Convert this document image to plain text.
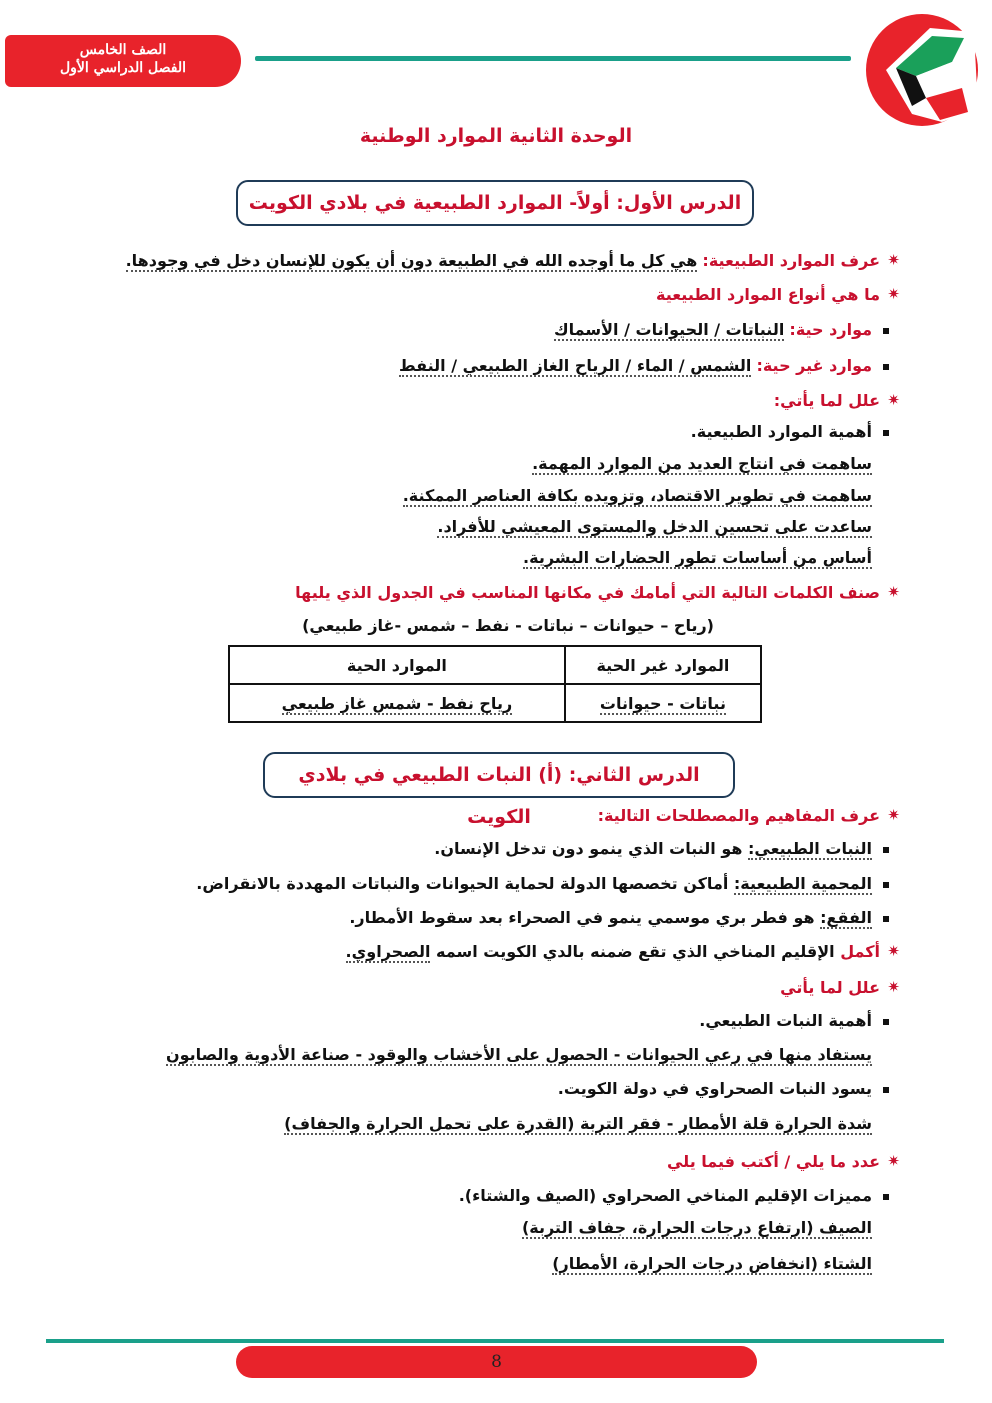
الصف الخامس
الفصل الدراسي الأول
الوحدة الثانية الموارد الوطنية
الدرس الأول: أولاً- الموارد الطبيعية في بلادي الكويت
✷
عرف الموارد الطبيعية: هي كل ما أوجده الله في الطبيعة دون أن يكون للإنسان دخل في وجودها.
✷
ما هي أنواع الموارد الطبيعية
موارد حية: النباتات / الحيوانات / الأسماك
موارد غير حية: الشمس / الماء / الرياح الغاز الطبيعي / النفط
✷
علل لما يأتي:
أهمية الموارد الطبيعية.
ساهمت في انتاج العديد من الموارد المهمة.
ساهمت في تطوير الاقتصاد، وتزويده بكافة العناصر الممكنة.
ساعدت على تحسين الدخل والمستوى المعيشي للأفراد.
أساس من أساسات تطور الحضارات البشرية.
✷
صنف الكلمات التالية التي أمامك في مكانها المناسب في الجدول الذي يليها
(رياح – حيوانات – نباتات - نفط – شمس -غاز طبيعي)
الموارد غير الحية	الموارد الحية
نباتات - حيوانات	رياح نفط - شمس غاز طبيعي
الدرس الثاني: (أ) النبات الطبيعي في بلادي الكويت	✷
عرف المفاهيم والمصطلحات التالية:
النبات الطبيعي: هو النبات الذي ينمو دون تدخل الإنسان.
المحمية الطبيعية: أماكن تخصصها الدولة لحماية الحيوانات والنباتات المهددة بالانقراض.
الفقع: هو فطر بري موسمي ينمو في الصحراء بعد سقوط الأمطار.
✷
أكمل الإقليم المناخي الذي تقع ضمنه بالدي الكويت اسمه الصحراوي.
✷
علل لما يأتي
أهمية النبات الطبيعي.
يستفاد منها في رعي الحيوانات - الحصول على الأخشاب والوقود - صناعة الأدوية والصابون
يسود النبات الصحراوي في دولة الكويت.
شدة الحرارة قلة الأمطار - فقر التربة (القدرة على تحمل الحرارة والجفاف)
✷
عدد ما يلي / أكتب فيما يلي
مميزات الإقليم المناخي الصحراوي (الصيف والشتاء).
الصيف (ارتفاع درجات الحرارة، جفاف التربة)
الشتاء (انخفاض درجات الحرارة، الأمطار)
8
